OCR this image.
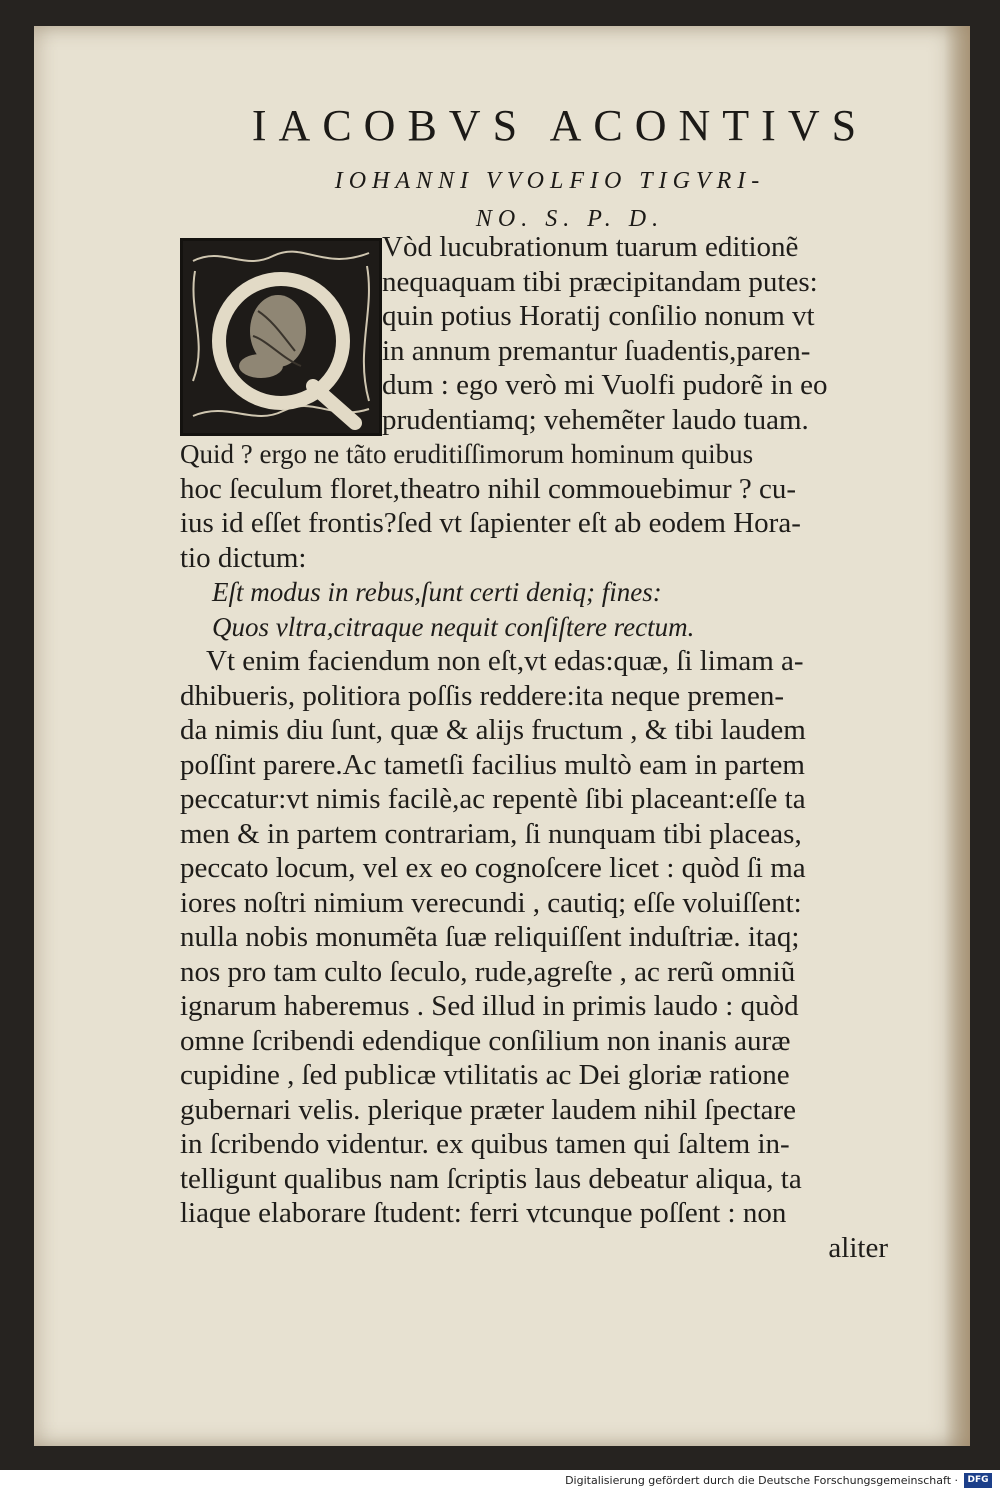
IACOBVS ACONTIVS
IOHANNI VVOLFIO TIGVRI-
NO. S. P. D.
Vòd lucubrationum tuarum editionẽ
nequaquam tibi præcipitandam putes:
quin potius Horatij conſilio nonum vt
in annum premantur ſuadentis,paren-
dum : ego verò mi Vuolfi pudorẽ in eo
prudentiamq; vehemẽter laudo tuam.
Quid ? ergo ne tãto eruditiſſimorum hominum quibus
hoc ſeculum floret,theatro nihil commouebimur ? cu-
ius id eſſet frontis?ſed vt ſapienter eſt ab eodem Hora-
tio dictum:
Eſt modus in rebus,ſunt certi deniq; fines:
Quos vltra,citraque nequit conſiſtere rectum.
Vt enim faciendum non eſt,vt edas:quæ, ſi limam a-
dhibueris, politiora poſſis reddere:ita neque premen-
da nimis diu ſunt, quæ & alijs fructum , & tibi laudem
poſſint parere.Ac tametſi facilius multò eam in partem
peccatur:vt nimis facilè,ac repentè ſibi placeant:eſſe ta
men & in partem contrariam, ſi nunquam tibi placeas,
peccato locum, vel ex eo cognoſcere licet : quòd ſi ma
iores noſtri nimium verecundi , cautiq; eſſe voluiſſent:
nulla nobis monumẽta ſuæ reliquiſſent induſtriæ. itaq;
nos pro tam culto ſeculo, rude,agreſte , ac rerũ omniũ
ignarum haberemus . Sed illud in primis laudo : quòd
omne ſcribendi edendique conſilium non inanis auræ
cupidine , ſed publicæ vtilitatis ac Dei gloriæ ratione
gubernari velis. plerique præter laudem nihil ſpectare
in ſcribendo videntur. ex quibus tamen qui ſaltem in-
telligunt qualibus nam ſcriptis laus debeatur aliqua, ta
liaque elaborare ſtudent: ferri vtcunque poſſent : non
aliter
Digitalisierung gefördert durch die Deutsche Forschungsgemeinschaft ·	DFG
